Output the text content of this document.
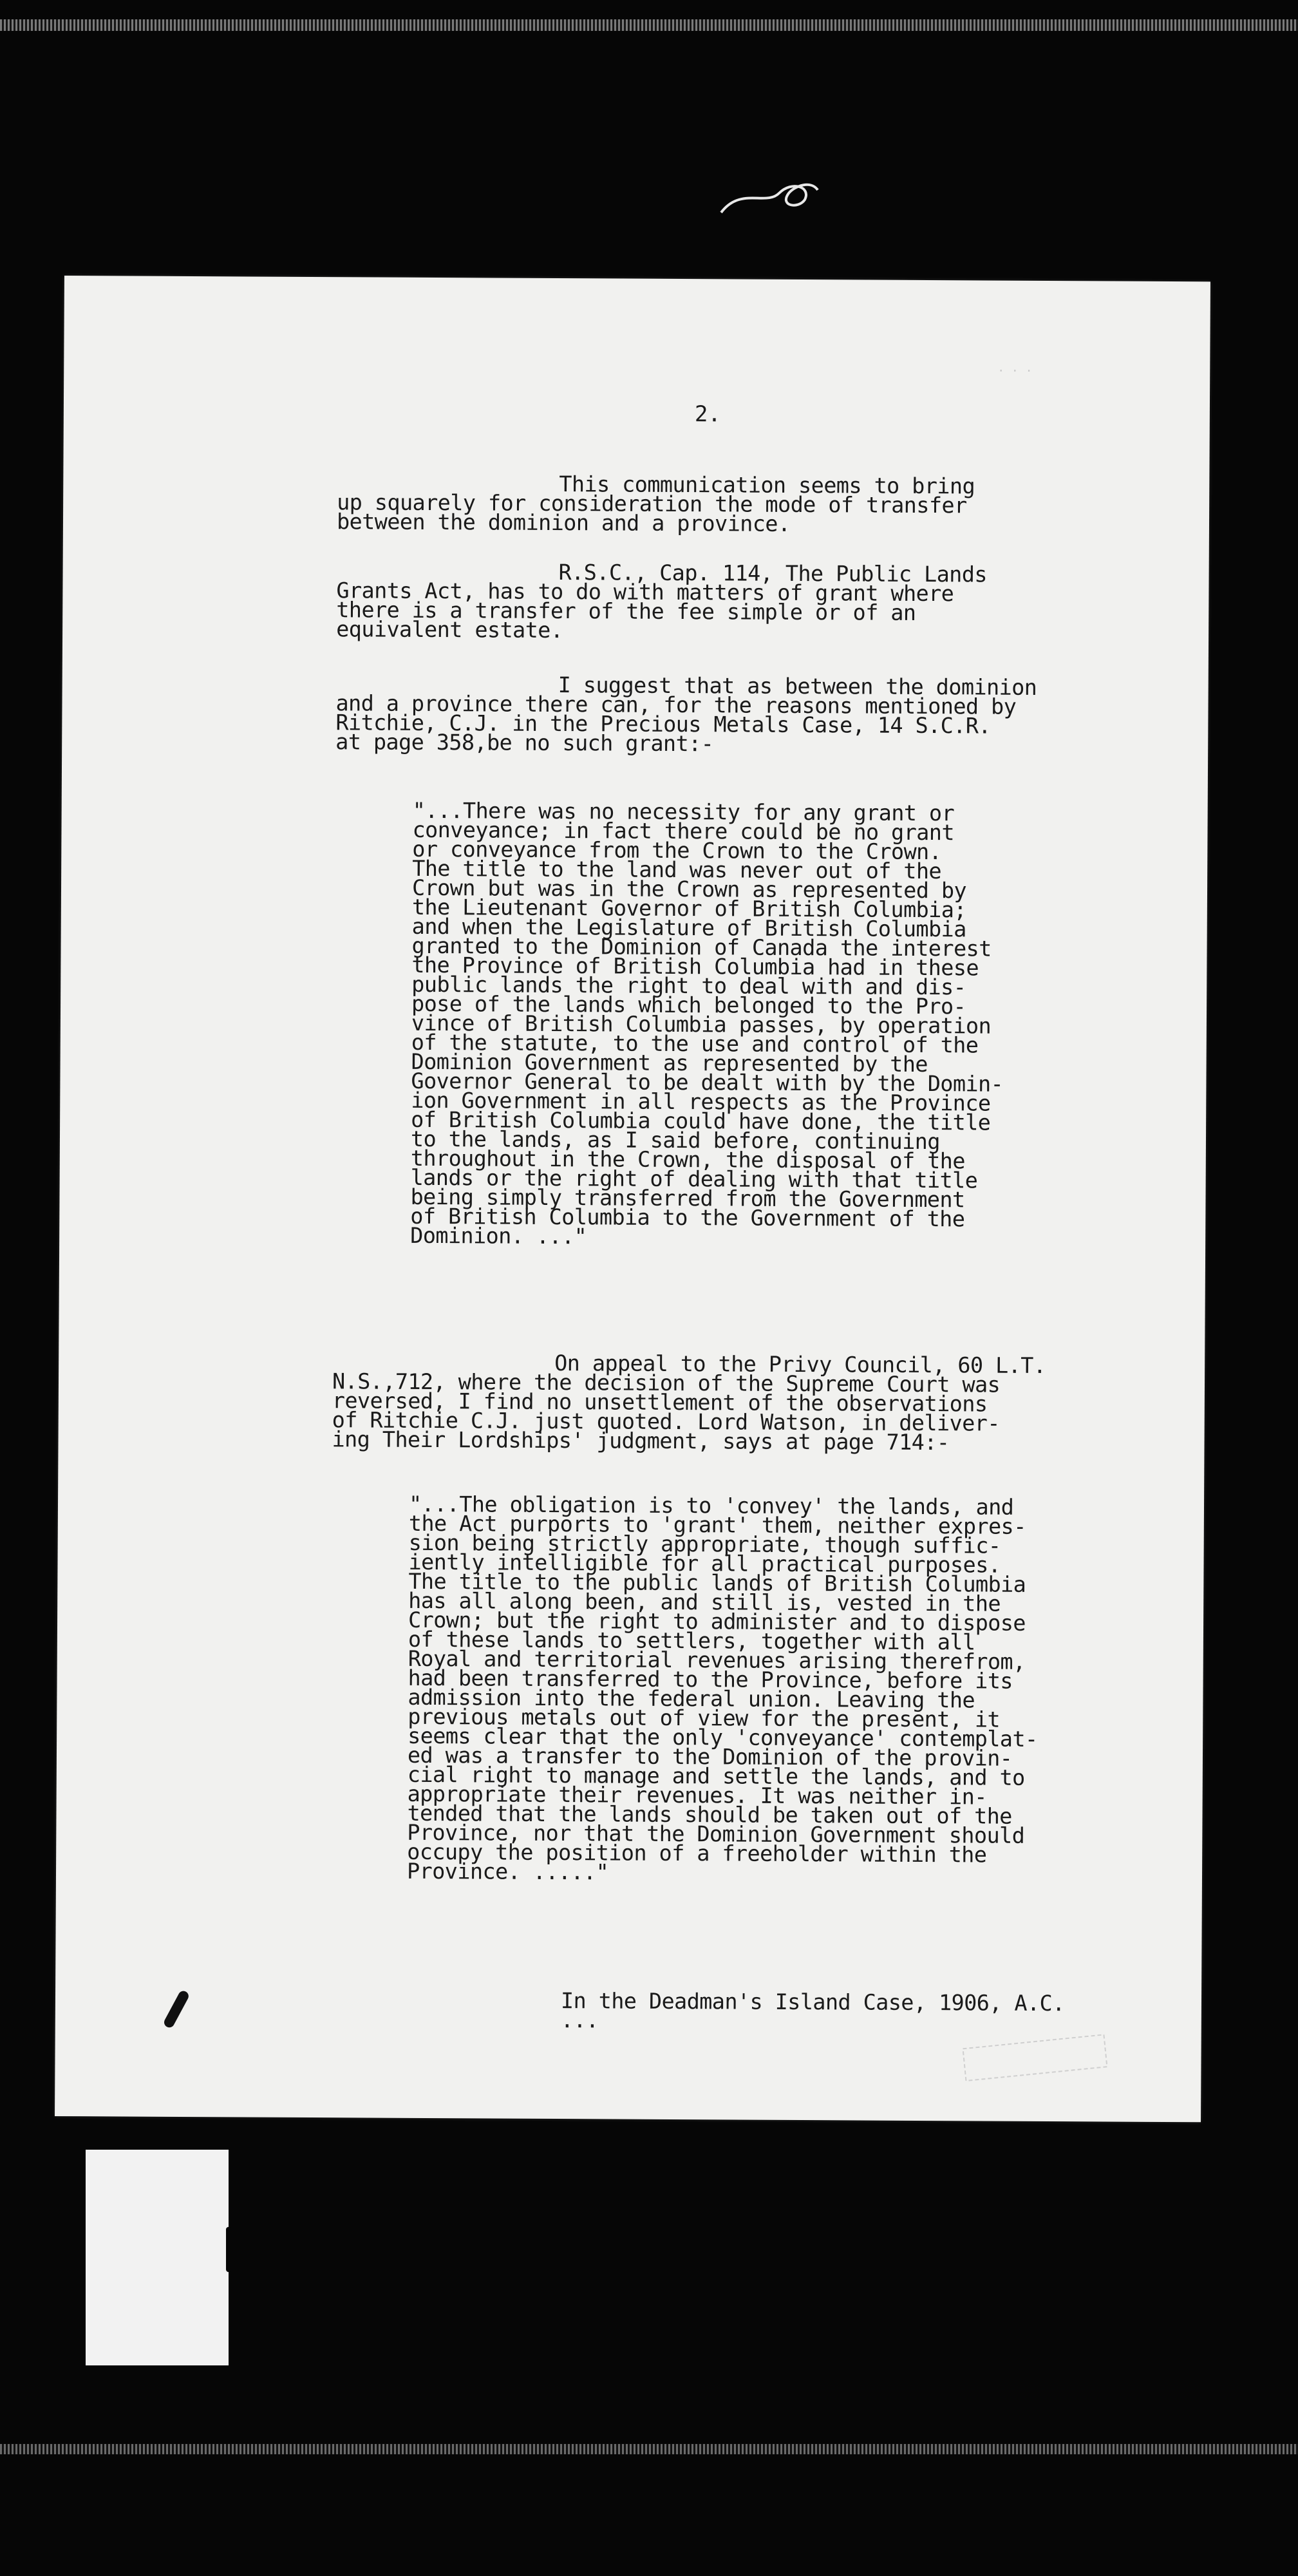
· · ·
2.
This communication seems to bring
up squarely for consideration the mode of transfer
between the dominion and a province.
R.S.C., Cap. 114, The Public Lands
Grants Act, has to do with matters of grant where
there is a transfer of the fee simple or of an
equivalent estate.
I suggest that as between the dominion
and a province there can, for the reasons mentioned by
Ritchie, C.J. in the Precious Metals Case, 14 S.C.R.
at page 358,be no such grant:-
"...There was no necessity for any grant or
conveyance; in fact there could be no grant
or conveyance from the Crown to the Crown.
The title to the land was never out of the
Crown but was in the Crown as represented by
the Lieutenant Governor of British Columbia;
and when the Legislature of British Columbia
granted to the Dominion of Canada the interest
the Province of British Columbia had in these
public lands the right to deal with and dis-
pose of the lands which belonged to the Pro-
vince of British Columbia passes, by operation
of the statute, to the use and control of the
Dominion Government as represented by the
Governor General to be dealt with by the Domin-
ion Government in all respects as the Province
of British Columbia could have done, the title
to the lands, as I said before, continuing
throughout in the Crown, the disposal of the
lands or the right of dealing with that title
being simply transferred from the Government
of British Columbia to the Government of the
Dominion. ..."
On appeal to the Privy Council, 60 L.T.
N.S.,712, where the decision of the Supreme Court was
reversed, I find no unsettlement of the observations
of Ritchie C.J. just quoted. Lord Watson, in deliver-
ing Their Lordships' judgment, says at page 714:-
"...The obligation is to 'convey' the lands, and
the Act purports to 'grant' them, neither expres-
sion being strictly appropriate, though suffic-
iently intelligible for all practical purposes.
The title to the public lands of British Columbia
has all along been, and still is, vested in the
Crown; but the right to administer and to dispose
of these lands to settlers, together with all
Royal and territorial revenues arising therefrom,
had been transferred to the Province, before its
admission into the federal union. Leaving the
previous metals out of view for the present, it
seems clear that the only 'conveyance' contemplat-
ed was a transfer to the Dominion of the provin-
cial right to manage and settle the lands, and to
appropriate their revenues. It was neither in-
tended that the lands should be taken out of the
Province, nor that the Dominion Government should
occupy the position of a freeholder within the
Province. ....."
In the Deadman's Island Case, 1906, A.C.
...
